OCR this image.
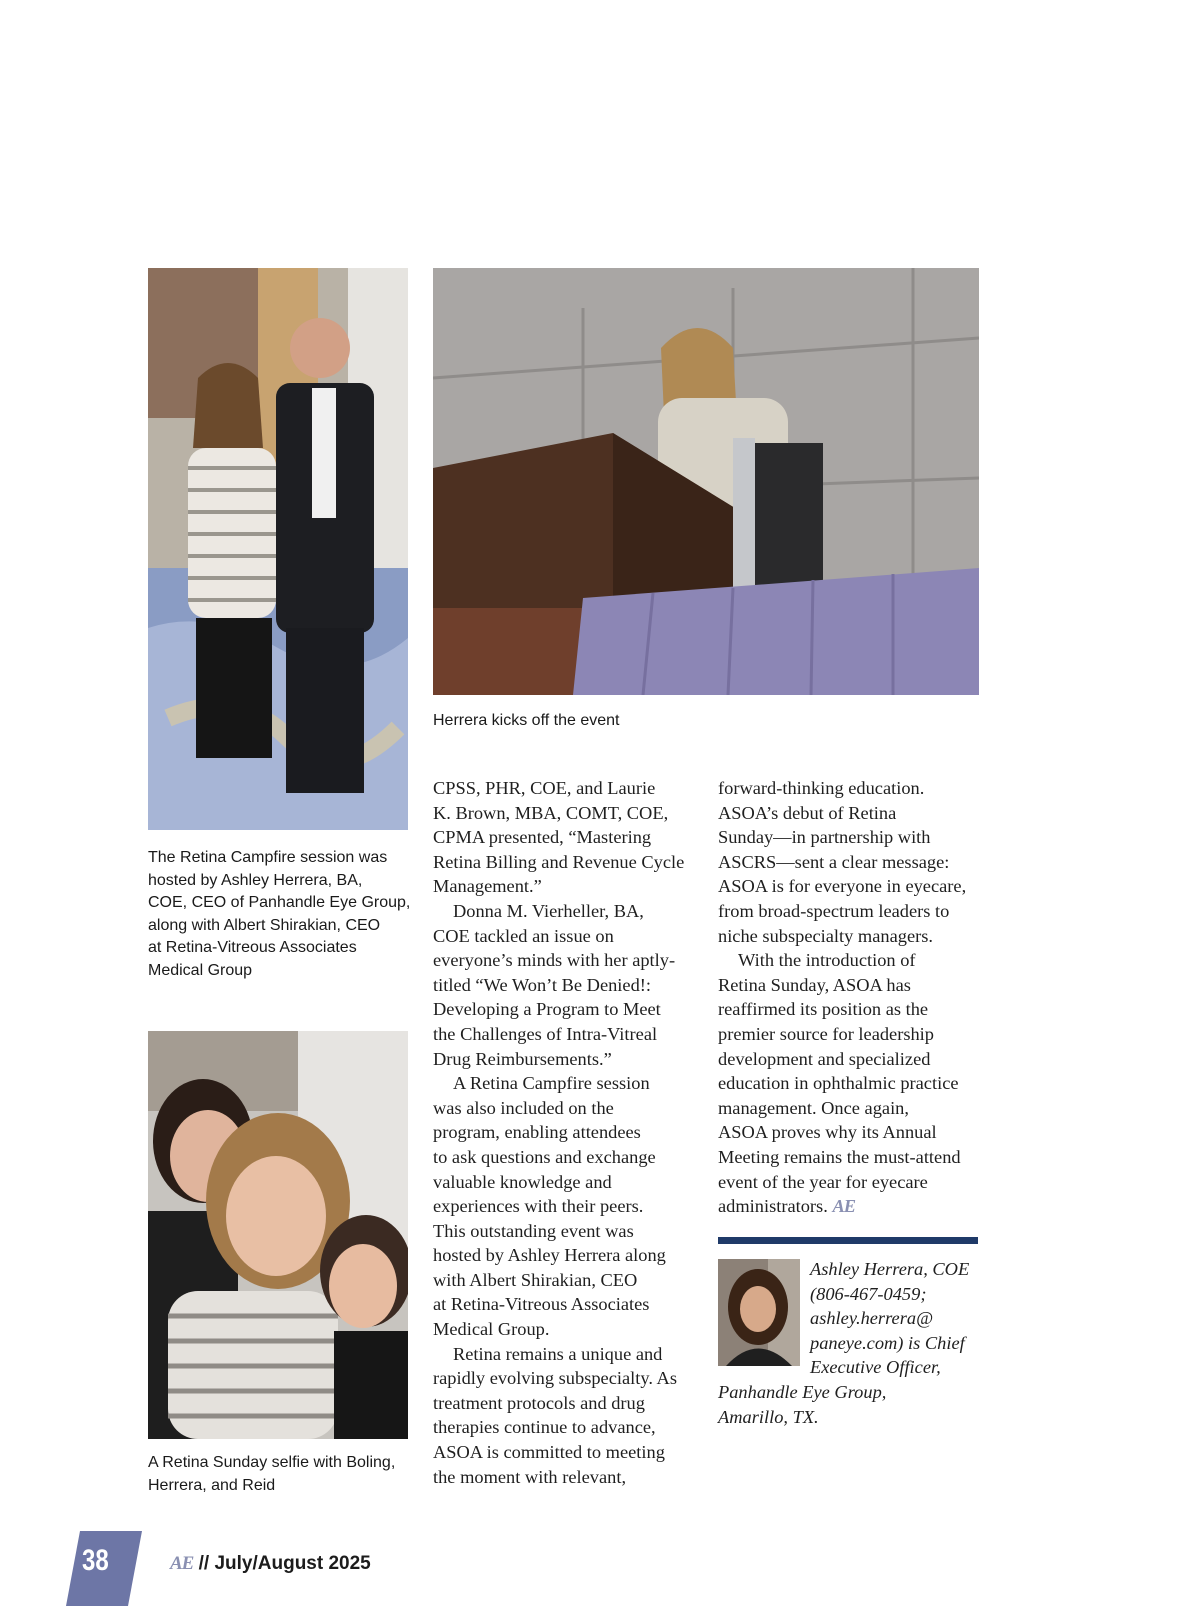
Herrera kicks off the event
The Retina Campfire session was
hosted by Ashley Herrera, BA,
COE, CEO of Panhandle Eye Group,
along with Albert Shirakian, CEO
at Retina-Vitreous Associates
Medical Group
A Retina Sunday selfie with Boling,
Herrera, and Reid

CPSS, PHR, COE, and Laurie

K. Brown, MBA, COMT, COE,

CPMA presented, “Mastering

Retina Billing and Revenue Cycle

Management.”

Donna M. Vierheller, BA,

COE tackled an issue on

everyone’s minds with her aptly-

titled “We Won’t Be Denied!:

Developing a Program to Meet

the Challenges of Intra-Vitreal

Drug Reimbursements.”

A Retina Campfire session

was also included on the

program, enabling attendees

to ask questions and exchange

valuable knowledge and

experiences with their peers.

This outstanding event was

hosted by Ashley Herrera along

with Albert Shirakian, CEO

at Retina-Vitreous Associates

Medical Group.

Retina remains a unique and

rapidly evolving subspecialty. As

treatment protocols and drug

therapies continue to advance,

ASOA is committed to meeting

the moment with relevant,

forward-thinking education.

ASOA’s debut of Retina

Sunday—in partnership with

ASCRS—sent a clear message:

ASOA is for everyone in eyecare,

from broad-spectrum leaders to

niche subspecialty managers.

With the introduction of

Retina Sunday, ASOA has

reaffirmed its position as the

premier source for leadership

development and specialized

education in ophthalmic practice

management. Once again,

ASOA proves why its Annual

Meeting remains the must-attend

event of the year for eyecare

administrators. AE

Ashley Herrera, COE

(806-467-0459;

ashley.herrera@

paneye.com) is Chief

Executive Officer,

Panhandle Eye Group,

Amarillo, TX.

38	AE // July/August 2025
